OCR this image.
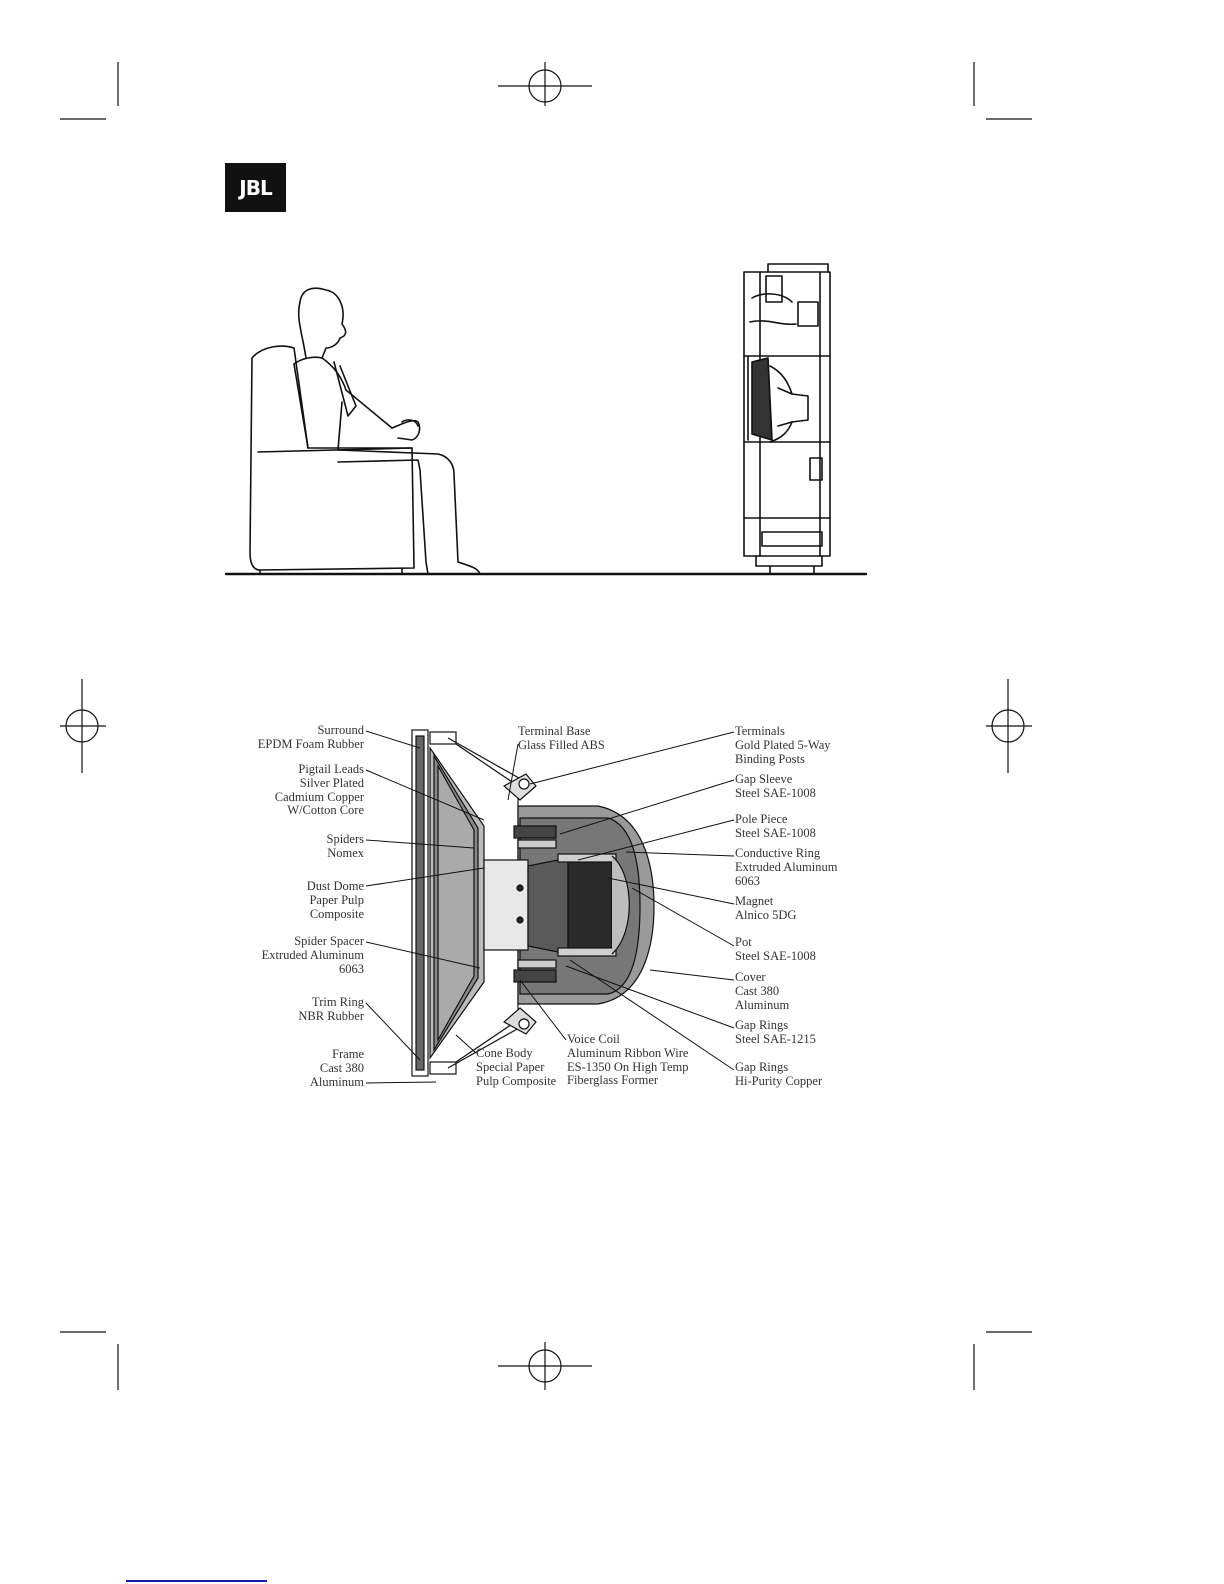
JBL
Surround
EPDM Foam Rubber
Pigtail Leads
Silver Plated
Cadmium Copper
W/Cotton Core
Spiders
Nomex
Dust Dome
Paper Pulp
Composite
Spider Spacer
Extruded Aluminum
6063
Trim Ring
NBR Rubber
Frame
Cast 380
Aluminum
Terminal Base
Glass Filled ABS
Cone Body
Special Paper
Pulp Composite
Voice Coil
Aluminum Ribbon Wire
ES-1350 On High Temp
Fiberglass Former
Terminals
Gold Plated 5-Way
Binding Posts
Gap Sleeve
Steel SAE-1008
Pole Piece
Steel SAE-1008
Conductive Ring
Extruded Aluminum
6063
Magnet
Alnico 5DG
Pot
Steel SAE-1008
Cover
Cast 380
Aluminum
Gap Rings
Steel SAE-1215
Gap Rings
Hi-Purity Copper
